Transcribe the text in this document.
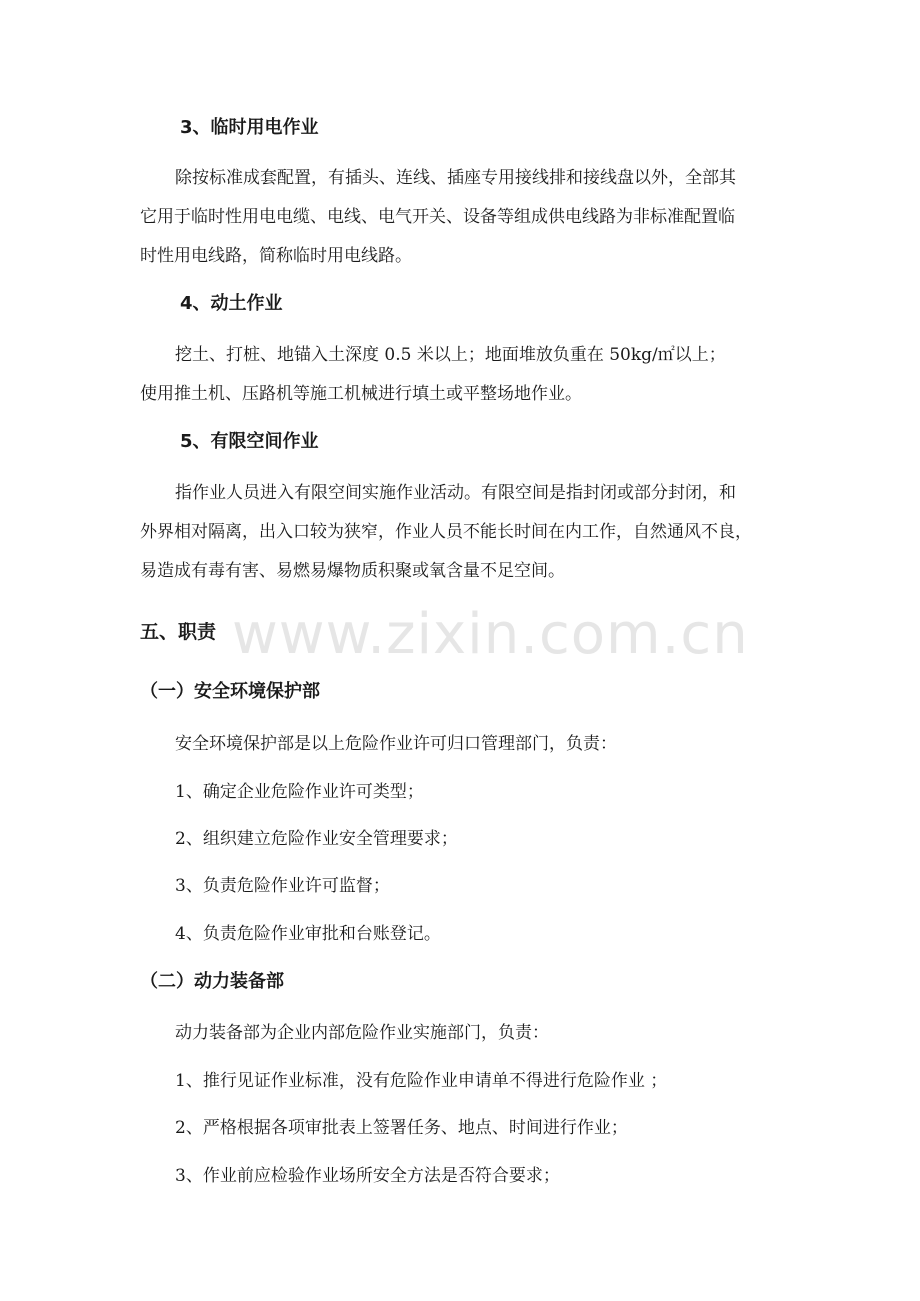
www.zixin.com.cn
3、临时用电作业
除按标准成套配置，有插头、连线、插座专用接线排和接线盘以外，全部其
它用于临时性用电电缆、电线、电气开关、设备等组成供电线路为非标准配置临
时性用电线路，简称临时用电线路。
4、动土作业
挖土、打桩、地锚入土深度 0.5 米以上；地面堆放负重在 50kg/㎡以上；
使用推土机、压路机等施工机械进行填土或平整场地作业。
5、有限空间作业
指作业人员进入有限空间实施作业活动。有限空间是指封闭或部分封闭，和
外界相对隔离，出入口较为狭窄，作业人员不能长时间在内工作，自然通风不良，
易造成有毒有害、易燃易爆物质积聚或氧含量不足空间。
五、职责
（一）安全环境保护部
安全环境保护部是以上危险作业许可归口管理部门，负责：
1、确定企业危险作业许可类型；
2、组织建立危险作业安全管理要求；
3、负责危险作业许可监督；
4、负责危险作业审批和台账登记。
（二）动力装备部
动力装备部为企业内部危险作业实施部门，负责：
1、推行见证作业标准，没有危险作业申请单不得进行危险作业 ；
2、严格根据各项审批表上签署任务、地点、时间进行作业；
3、作业前应检验作业场所安全方法是否符合要求；
